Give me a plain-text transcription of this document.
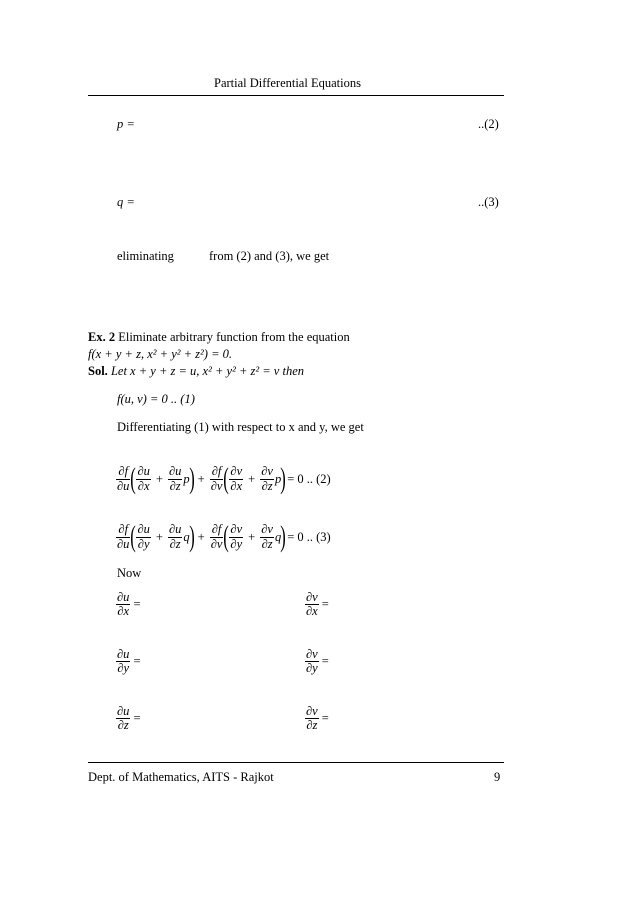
Partial Differential Equations
p =	..(2)
q =	..(3)
eliminating	from (2) and (3), we get
Ex. 2 Eliminate arbitrary function from the equation
f(x + y + z, x² + y² + z²) = 0.
Sol. Let x + y + z = u, x² + y² + z² = v then
f(u, v) = 0 .. (1)
Differentiating (1) with respect to x and y, we get
$\frac{\partial f}{\partial u}$ ( $\frac{\partial u}{\partial x} + \frac{\partial u}{\partial z}$ p ) + $\frac{\partial f}{\partial v}$ ( $\frac{\partial v}{\partial x} + \frac{\partial v}{\partial z}$ p ) = 0 .. (2)
$\frac{\partial f}{\partial u}$ ( $\frac{\partial u}{\partial y} + \frac{\partial u}{\partial z}$ q ) + $\frac{\partial f}{\partial v}$ ( $\frac{\partial v}{\partial y} + \frac{\partial v}{\partial z}$ q ) = 0 .. (3)
Now
$\frac{\partial u}{\partial x}$ =	$\frac{\partial v}{\partial x}$ =
$\frac{\partial u}{\partial y}$ =	$\frac{\partial v}{\partial y}$ =
$\frac{\partial u}{\partial z}$ =	$\frac{\partial v}{\partial z}$ =
Dept. of Mathematics, AITS - Rajkot	9
